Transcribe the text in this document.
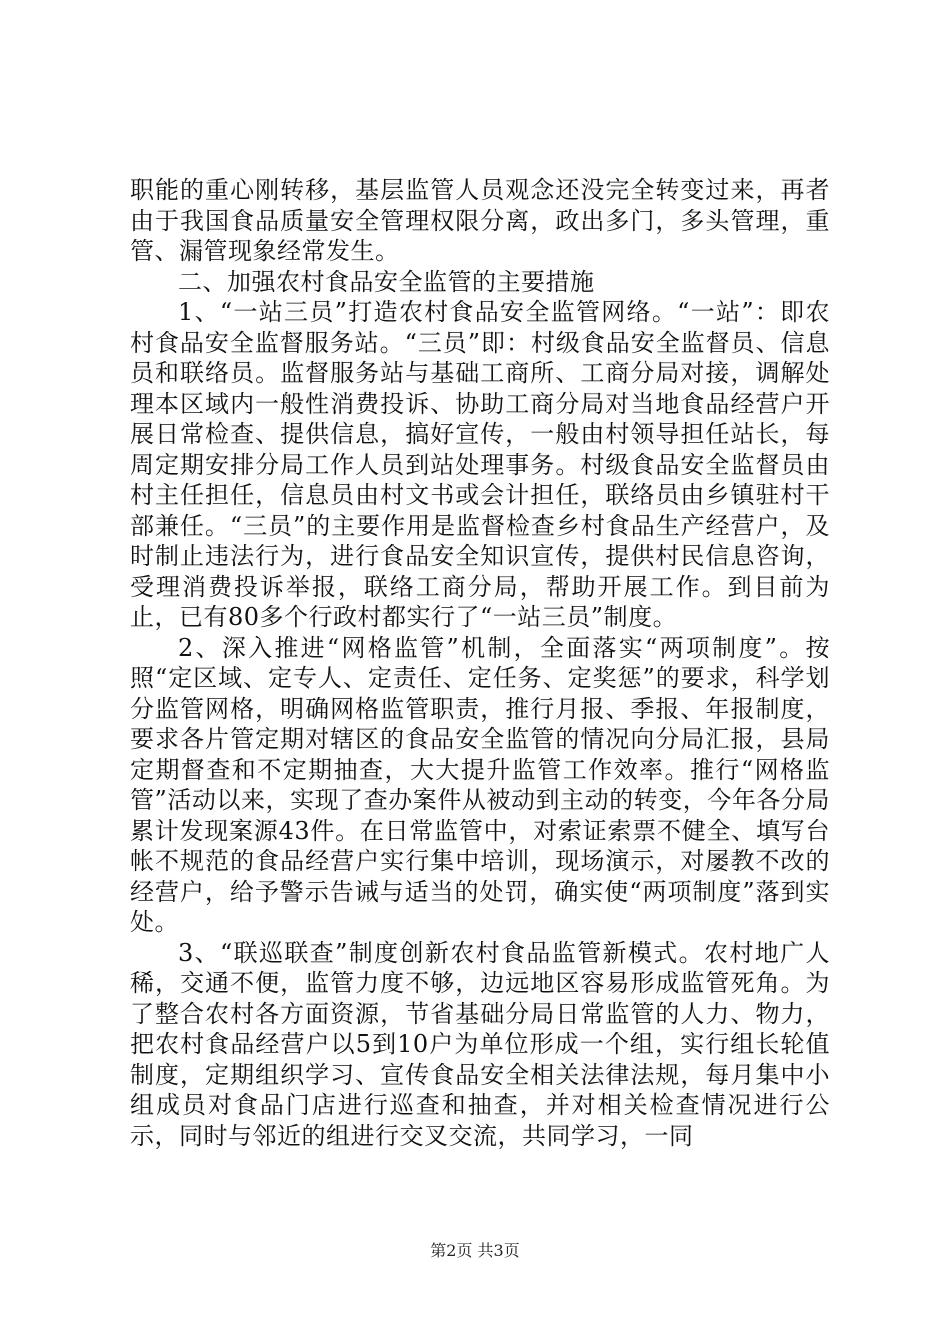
职能的重心刚转移，基层监管人员观念还没完全转变过来，再者由于我国食品质量安全管理权限分离，政出多门，多头管理，重管、漏管现象经常发生。

二、加强农村食品安全监管的主要措施

1、“一站三员”打造农村食品安全监管网络。“一站”：即农村食品安全监督服务站。“三员”即：村级食品安全监督员、信息员和联络员。监督服务站与基础工商所、工商分局对接，调解处理本区域内一般性消费投诉、协助工商分局对当地食品经营户开展日常检查、提供信息，搞好宣传，一般由村领导担任站长，每周定期安排分局工作人员到站处理事务。村级食品安全监督员由村主任担任，信息员由村文书或会计担任，联络员由乡镇驻村干部兼任。“三员”的主要作用是监督检查乡村食品生产经营户，及时制止违法行为，进行食品安全知识宣传，提供村民信息咨询，受理消费投诉举报，联络工商分局，帮助开展工作。到目前为止，已有80多个行政村都实行了“一站三员”制度。

2、深入推进“网格监管”机制，全面落实“两项制度”。按照“定区域、定专人、定责任、定任务、定奖惩”的要求，科学划分监管网格，明确网格监管职责，推行月报、季报、年报制度，要求各片管定期对辖区的食品安全监管的情况向分局汇报，县局定期督查和不定期抽查，大大提升监管工作效率。推行“网格监管”活动以来，实现了查办案件从被动到主动的转变，今年各分局累计发现案源43件。在日常监管中，对索证索票不健全、填写台帐不规范的食品经营户实行集中培训，现场演示，对屡教不改的经营户，给予警示告诫与适当的处罚，确实使“两项制度”落到实处。

3、“联巡联查”制度创新农村食品监管新模式。农村地广人稀，交通不便，监管力度不够，边远地区容易形成监管死角。为了整合农村各方面资源，节省基础分局日常监管的人力、物力，把农村食品经营户以5到10户为单位形成一个组，实行组长轮值制度，定期组织学习、宣传食品安全相关法律法规，每月集中小组成员对食品门店进行巡查和抽查，并对相关检查情况进行公示，同时与邻近的组进行交叉交流，共同学习，一同

第2页 共3页
